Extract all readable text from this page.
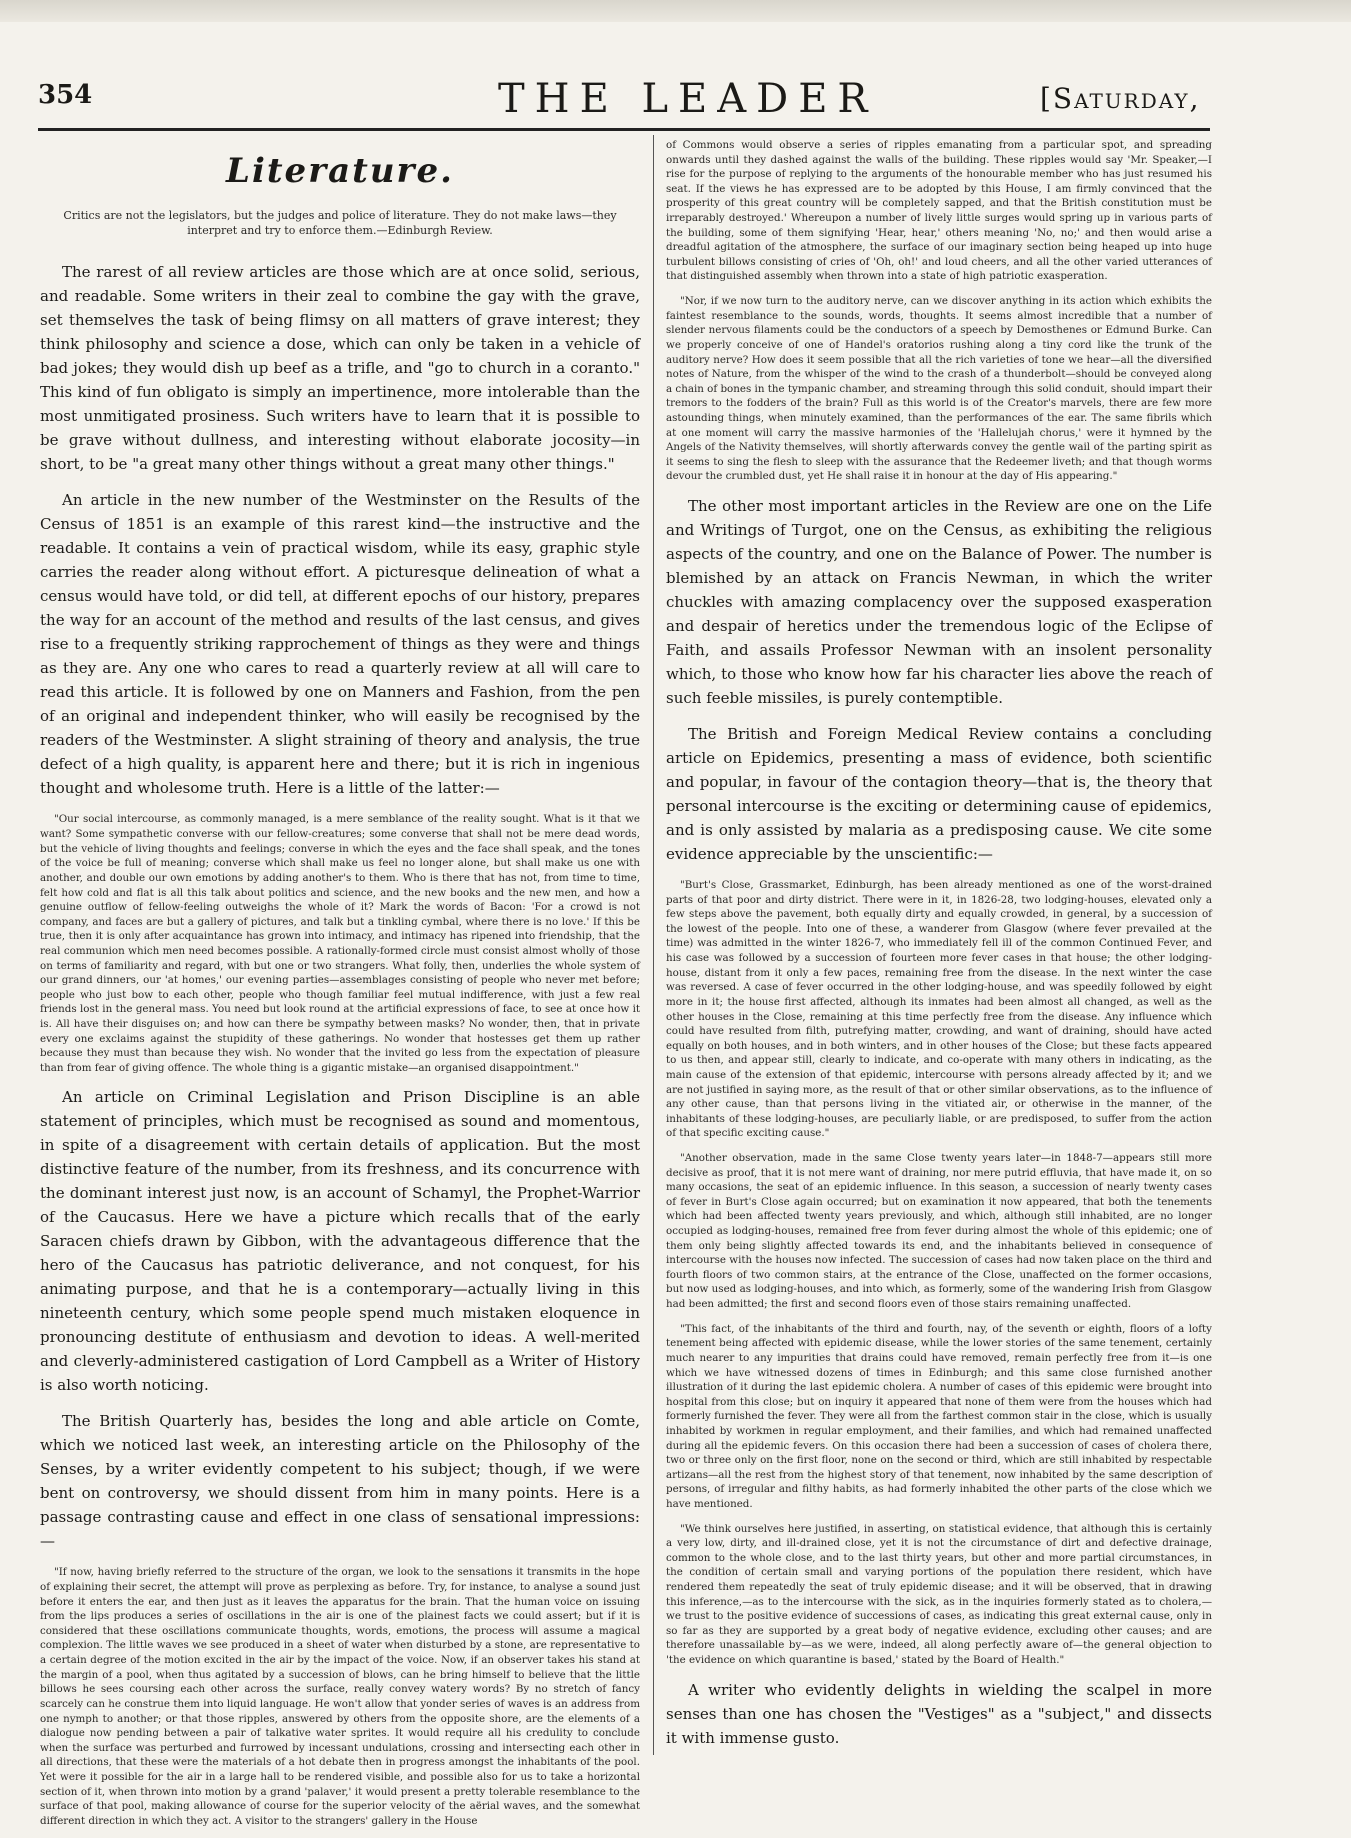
354	THE LEADER	[Saturday,
Literature.
Critics are not the legislators, but the judges and police of literature. They do not make laws—they interpret and try to enforce them.—Edinburgh Review.

The rarest of all review articles are those which are at once solid, serious, and readable. Some writers in their zeal to combine the gay with the grave, set themselves the task of being flimsy on all matters of grave interest; they think philosophy and science a dose, which can only be taken in a vehicle of bad jokes; they would dish up beef as a trifle, and "go to church in a coranto." This kind of fun obligato is simply an impertinence, more intolerable than the most unmitigated prosiness. Such writers have to learn that it is possible to be grave without dullness, and interesting without elaborate jocosity—in short, to be "a great many other things without a great many other things."

An article in the new number of the Westminster on the Results of the Census of 1851 is an example of this rarest kind—the instructive and the readable. It contains a vein of practical wisdom, while its easy, graphic style carries the reader along without effort. A picturesque delineation of what a census would have told, or did tell, at different epochs of our history, prepares the way for an account of the method and results of the last census, and gives rise to a frequently striking rapprochement of things as they were and things as they are. Any one who cares to read a quarterly review at all will care to read this article. It is followed by one on Manners and Fashion, from the pen of an original and independent thinker, who will easily be recognised by the readers of the Westminster. A slight straining of theory and analysis, the true defect of a high quality, is apparent here and there; but it is rich in ingenious thought and wholesome truth. Here is a little of the latter:—

"Our social intercourse, as commonly managed, is a mere semblance of the reality sought. What is it that we want? Some sympathetic converse with our fellow-creatures; some converse that shall not be mere dead words, but the vehicle of living thoughts and feelings; converse in which the eyes and the face shall speak, and the tones of the voice be full of meaning; converse which shall make us feel no longer alone, but shall make us one with another, and double our own emotions by adding another's to them. Who is there that has not, from time to time, felt how cold and flat is all this talk about politics and science, and the new books and the new men, and how a genuine outflow of fellow-feeling outweighs the whole of it? Mark the words of Bacon: 'For a crowd is not company, and faces are but a gallery of pictures, and talk but a tinkling cymbal, where there is no love.' If this be true, then it is only after acquaintance has grown into intimacy, and intimacy has ripened into friendship, that the real communion which men need becomes possible. A rationally-formed circle must consist almost wholly of those on terms of familiarity and regard, with but one or two strangers. What folly, then, underlies the whole system of our grand dinners, our 'at homes,' our evening parties—assemblages consisting of people who never met before; people who just bow to each other, people who though familiar feel mutual indifference, with just a few real friends lost in the general mass. You need but look round at the artificial expressions of face, to see at once how it is. All have their disguises on; and how can there be sympathy between masks? No wonder, then, that in private every one exclaims against the stupidity of these gatherings. No wonder that hostesses get them up rather because they must than because they wish. No wonder that the invited go less from the expectation of pleasure than from fear of giving offence. The whole thing is a gigantic mistake—an organised disappointment."

An article on Criminal Legislation and Prison Discipline is an able statement of principles, which must be recognised as sound and momentous, in spite of a disagreement with certain details of application. But the most distinctive feature of the number, from its freshness, and its concurrence with the dominant interest just now, is an account of Schamyl, the Prophet-Warrior of the Caucasus. Here we have a picture which recalls that of the early Saracen chiefs drawn by Gibbon, with the advantageous difference that the hero of the Caucasus has patriotic deliverance, and not conquest, for his animating purpose, and that he is a contemporary—actually living in this nineteenth century, which some people spend much mistaken eloquence in pronouncing destitute of enthusiasm and devotion to ideas. A well-merited and cleverly-administered castigation of Lord Campbell as a Writer of History is also worth noticing.

The British Quarterly has, besides the long and able article on Comte, which we noticed last week, an interesting article on the Philosophy of the Senses, by a writer evidently competent to his subject; though, if we were bent on controversy, we should dissent from him in many points. Here is a passage contrasting cause and effect in one class of sensational impressions:—

"If now, having briefly referred to the structure of the organ, we look to the sensations it transmits in the hope of explaining their secret, the attempt will prove as perplexing as before. Try, for instance, to analyse a sound just before it enters the ear, and then just as it leaves the apparatus for the brain. That the human voice on issuing from the lips produces a series of oscillations in the air is one of the plainest facts we could assert; but if it is considered that these oscillations communicate thoughts, words, emotions, the process will assume a magical complexion. The little waves we see produced in a sheet of water when disturbed by a stone, are representative to a certain degree of the motion excited in the air by the impact of the voice. Now, if an observer takes his stand at the margin of a pool, when thus agitated by a succession of blows, can he bring himself to believe that the little billows he sees coursing each other across the surface, really convey watery words? By no stretch of fancy scarcely can he construe them into liquid language. He won't allow that yonder series of waves is an address from one nymph to another; or that those ripples, answered by others from the opposite shore, are the elements of a dialogue now pending between a pair of talkative water sprites. It would require all his credulity to conclude when the surface was perturbed and furrowed by incessant undulations, crossing and intersecting each other in all directions, that these were the materials of a hot debate then in progress amongst the inhabitants of the pool. Yet were it possible for the air in a large hall to be rendered visible, and possible also for us to take a horizontal section of it, when thrown into motion by a grand 'palaver,' it would present a pretty tolerable resemblance to the surface of that pool, making allowance of course for the superior velocity of the aërial waves, and the somewhat different direction in which they act. A visitor to the strangers' gallery in the House

of Commons would observe a series of ripples emanating from a particular spot, and spreading onwards until they dashed against the walls of the building. These ripples would say 'Mr. Speaker,—I rise for the purpose of replying to the arguments of the honourable member who has just resumed his seat. If the views he has expressed are to be adopted by this House, I am firmly convinced that the prosperity of this great country will be completely sapped, and that the British constitution must be irreparably destroyed.' Whereupon a number of lively little surges would spring up in various parts of the building, some of them signifying 'Hear, hear,' others meaning 'No, no;' and then would arise a dreadful agitation of the atmosphere, the surface of our imaginary section being heaped up into huge turbulent billows consisting of cries of 'Oh, oh!' and loud cheers, and all the other varied utterances of that distinguished assembly when thrown into a state of high patriotic exasperation.

"Nor, if we now turn to the auditory nerve, can we discover anything in its action which exhibits the faintest resemblance to the sounds, words, thoughts. It seems almost incredible that a number of slender nervous filaments could be the conductors of a speech by Demosthenes or Edmund Burke. Can we properly conceive of one of Handel's oratorios rushing along a tiny cord like the trunk of the auditory nerve? How does it seem possible that all the rich varieties of tone we hear—all the diversified notes of Nature, from the whisper of the wind to the crash of a thunderbolt—should be conveyed along a chain of bones in the tympanic chamber, and streaming through this solid conduit, should impart their tremors to the fodders of the brain? Full as this world is of the Creator's marvels, there are few more astounding things, when minutely examined, than the performances of the ear. The same fibrils which at one moment will carry the massive harmonies of the 'Hallelujah chorus,' were it hymned by the Angels of the Nativity themselves, will shortly afterwards convey the gentle wail of the parting spirit as it seems to sing the flesh to sleep with the assurance that the Redeemer liveth; and that though worms devour the crumbled dust, yet He shall raise it in honour at the day of His appearing."

The other most important articles in the Review are one on the Life and Writings of Turgot, one on the Census, as exhibiting the religious aspects of the country, and one on the Balance of Power. The number is blemished by an attack on Francis Newman, in which the writer chuckles with amazing complacency over the supposed exasperation and despair of heretics under the tremendous logic of the Eclipse of Faith, and assails Professor Newman with an insolent personality which, to those who know how far his character lies above the reach of such feeble missiles, is purely contemptible.

The British and Foreign Medical Review contains a concluding article on Epidemics, presenting a mass of evidence, both scientific and popular, in favour of the contagion theory—that is, the theory that personal intercourse is the exciting or determining cause of epidemics, and is only assisted by malaria as a predisposing cause. We cite some evidence appreciable by the unscientific:—

"Burt's Close, Grassmarket, Edinburgh, has been already mentioned as one of the worst-drained parts of that poor and dirty district. There were in it, in 1826-28, two lodging-houses, elevated only a few steps above the pavement, both equally dirty and equally crowded, in general, by a succession of the lowest of the people. Into one of these, a wanderer from Glasgow (where fever prevailed at the time) was admitted in the winter 1826-7, who immediately fell ill of the common Continued Fever, and his case was followed by a succession of fourteen more fever cases in that house; the other lodging-house, distant from it only a few paces, remaining free from the disease. In the next winter the case was reversed. A case of fever occurred in the other lodging-house, and was speedily followed by eight more in it; the house first affected, although its inmates had been almost all changed, as well as the other houses in the Close, remaining at this time perfectly free from the disease. Any influence which could have resulted from filth, putrefying matter, crowding, and want of draining, should have acted equally on both houses, and in both winters, and in other houses of the Close; but these facts appeared to us then, and appear still, clearly to indicate, and co-operate with many others in indicating, as the main cause of the extension of that epidemic, intercourse with persons already affected by it; and we are not justified in saying more, as the result of that or other similar observations, as to the influence of any other cause, than that persons living in the vitiated air, or otherwise in the manner, of the inhabitants of these lodging-houses, are peculiarly liable, or are predisposed, to suffer from the action of that specific exciting cause."

"Another observation, made in the same Close twenty years later—in 1848-7—appears still more decisive as proof, that it is not mere want of draining, nor mere putrid effluvia, that have made it, on so many occasions, the seat of an epidemic influence. In this season, a succession of nearly twenty cases of fever in Burt's Close again occurred; but on examination it now appeared, that both the tenements which had been affected twenty years previously, and which, although still inhabited, are no longer occupied as lodging-houses, remained free from fever during almost the whole of this epidemic; one of them only being slightly affected towards its end, and the inhabitants believed in consequence of intercourse with the houses now infected. The succession of cases had now taken place on the third and fourth floors of two common stairs, at the entrance of the Close, unaffected on the former occasions, but now used as lodging-houses, and into which, as formerly, some of the wandering Irish from Glasgow had been admitted; the first and second floors even of those stairs remaining unaffected.

"This fact, of the inhabitants of the third and fourth, nay, of the seventh or eighth, floors of a lofty tenement being affected with epidemic disease, while the lower stories of the same tenement, certainly much nearer to any impurities that drains could have removed, remain perfectly free from it—is one which we have witnessed dozens of times in Edinburgh; and this same close furnished another illustration of it during the last epidemic cholera. A number of cases of this epidemic were brought into hospital from this close; but on inquiry it appeared that none of them were from the houses which had formerly furnished the fever. They were all from the farthest common stair in the close, which is usually inhabited by workmen in regular employment, and their families, and which had remained unaffected during all the epidemic fevers. On this occasion there had been a succession of cases of cholera there, two or three only on the first floor, none on the second or third, which are still inhabited by respectable artizans—all the rest from the highest story of that tenement, now inhabited by the same description of persons, of irregular and filthy habits, as had formerly inhabited the other parts of the close which we have mentioned.

"We think ourselves here justified, in asserting, on statistical evidence, that although this is certainly a very low, dirty, and ill-drained close, yet it is not the circumstance of dirt and defective drainage, common to the whole close, and to the last thirty years, but other and more partial circumstances, in the condition of certain small and varying portions of the population there resident, which have rendered them repeatedly the seat of truly epidemic disease; and it will be observed, that in drawing this inference,—as to the intercourse with the sick, as in the inquiries formerly stated as to cholera,—we trust to the positive evidence of successions of cases, as indicating this great external cause, only in so far as they are supported by a great body of negative evidence, excluding other causes; and are therefore unassailable by—as we were, indeed, all along perfectly aware of—the general objection to 'the evidence on which quarantine is based,' stated by the Board of Health."

A writer who evidently delights in wielding the scalpel in more senses than one has chosen the "Vestiges" as a "subject," and dissects it with immense gusto.
